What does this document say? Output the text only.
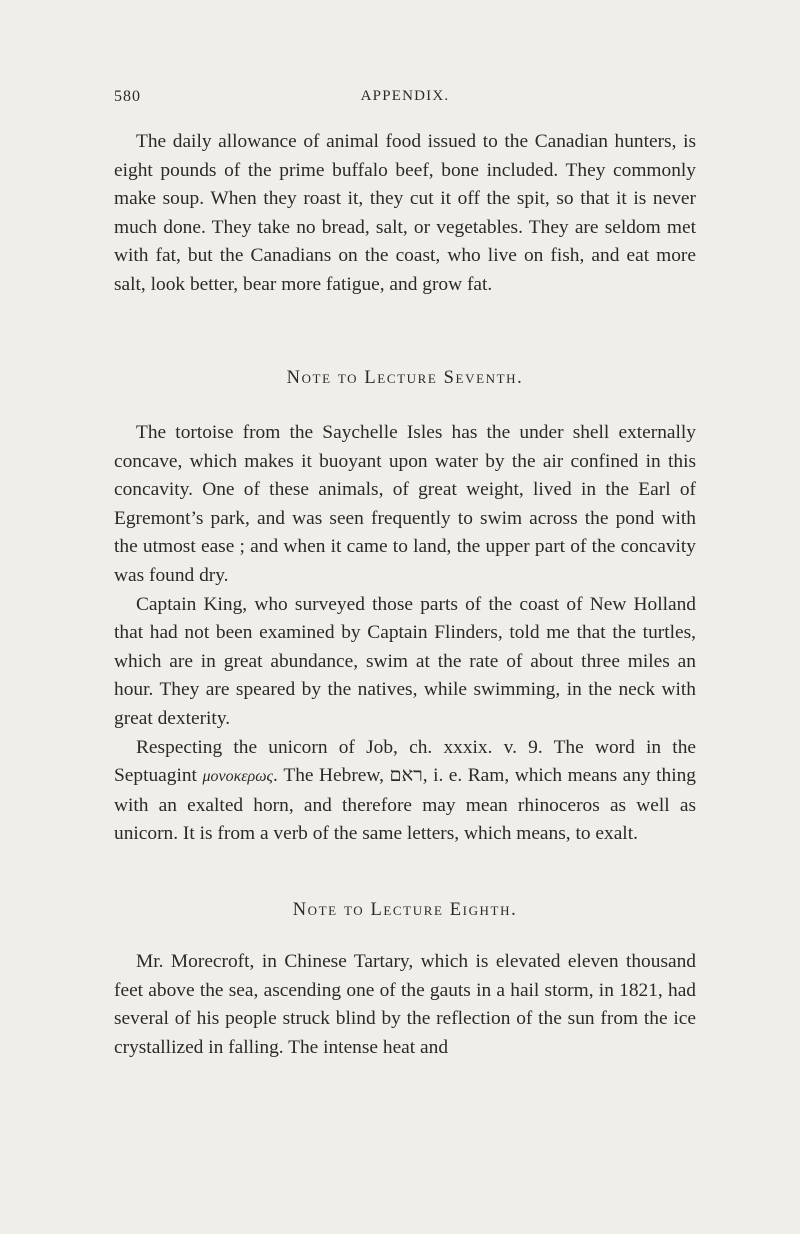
580	APPENDIX.

The daily allowance of animal food issued to the Canadian hunters, is eight pounds of the prime buffalo beef, bone included. They commonly make soup. When they roast it, they cut it off the spit, so that it is never much done. They take no bread, salt, or vegetables. They are seldom met with fat, but the Canadians on the coast, who live on fish, and eat more salt, look better, bear more fatigue, and grow fat.

Note to Lecture Seventh.

The tortoise from the Saychelle Isles has the under shell externally concave, which makes it buoyant upon water by the air confined in this concavity. One of these animals, of great weight, lived in the Earl of Egremont’s park, and was seen frequently to swim across the pond with the utmost ease ; and when it came to land, the upper part of the concavity was found dry.

Captain King, who surveyed those parts of the coast of New Holland that had not been examined by Captain Flinders, told me that the turtles, which are in great abundance, swim at the rate of about three miles an hour. They are speared by the natives, while swimming, in the neck with great dexterity.

Respecting the unicorn of Job, ch. xxxix. v. 9. The word in the Septuagint μονοκερως. The Hebrew, ראם, i. e. Ram, which means any thing with an exalted horn, and therefore may mean rhinoceros as well as unicorn. It is from a verb of the same letters, which means, to exalt.

Note to Lecture Eighth.

Mr. Morecroft, in Chinese Tartary, which is elevated eleven thousand feet above the sea, ascending one of the gauts in a hail storm, in 1821, had several of his people struck blind by the reflection of the sun from the ice crystallized in falling. The intense heat and
